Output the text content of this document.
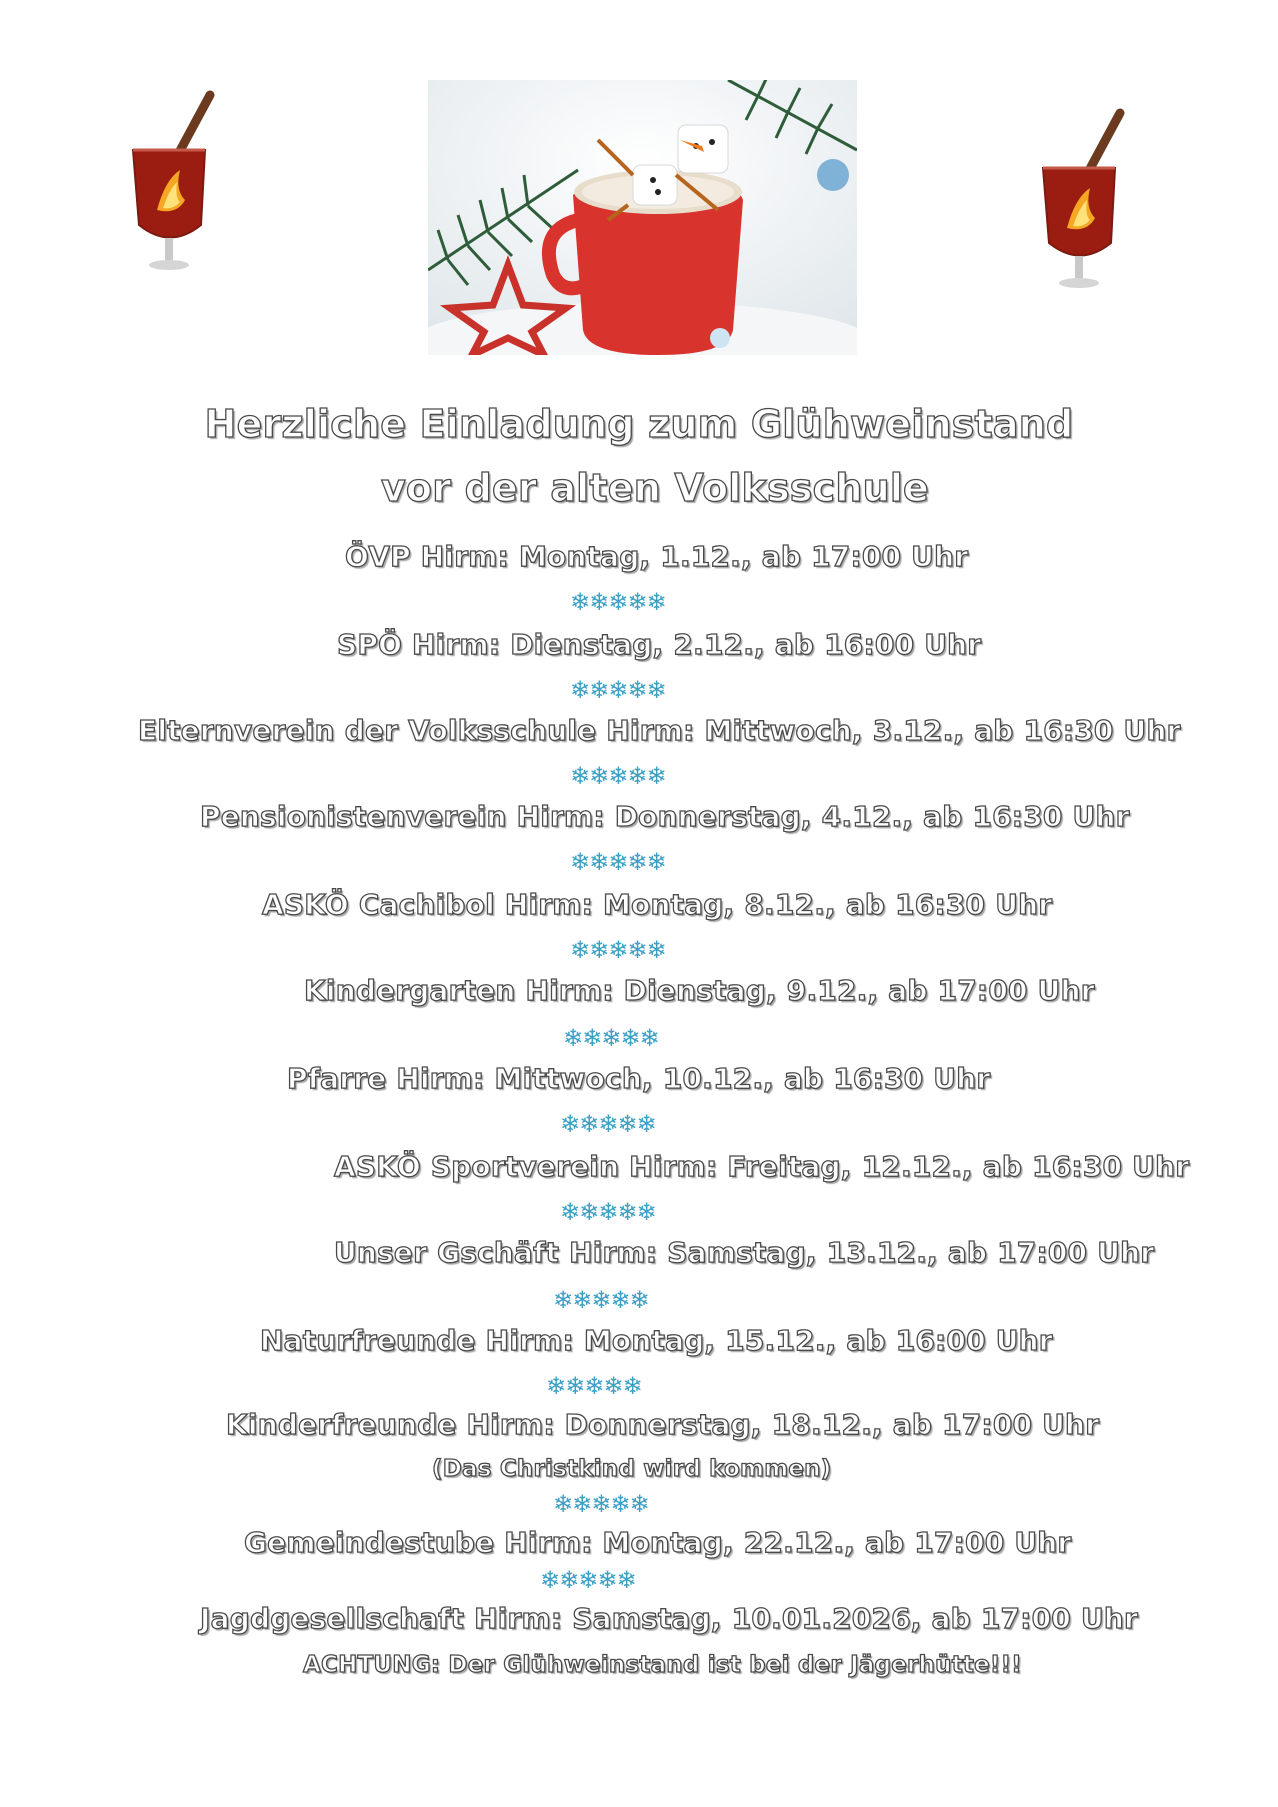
Herzliche Einladung zum Glühweinstand
vor der alten Volksschule
ÖVP Hirm: Montag, 1.12., ab 17:00 Uhr
❄❄❄❄❄
SPÖ Hirm: Dienstag, 2.12., ab 16:00 Uhr
❄❄❄❄❄
Elternverein der Volksschule Hirm: Mittwoch, 3.12., ab 16:30 Uhr
❄❄❄❄❄
Pensionistenverein Hirm: Donnerstag, 4.12., ab 16:30 Uhr
❄❄❄❄❄
ASKÖ Cachibol Hirm: Montag, 8.12., ab 16:30 Uhr
❄❄❄❄❄
Kindergarten Hirm: Dienstag, 9.12., ab 17:00 Uhr
❄❄❄❄❄
Pfarre Hirm: Mittwoch, 10.12., ab 16:30 Uhr
❄❄❄❄❄
ASKÖ Sportverein Hirm: Freitag, 12.12., ab 16:30 Uhr
❄❄❄❄❄
Unser Gschäft Hirm: Samstag, 13.12., ab 17:00 Uhr
❄❄❄❄❄
Naturfreunde Hirm: Montag, 15.12., ab 16:00 Uhr
❄❄❄❄❄
Kinderfreunde Hirm: Donnerstag, 18.12., ab 17:00 Uhr
(Das Christkind wird kommen)
❄❄❄❄❄
Gemeindestube Hirm: Montag, 22.12., ab 17:00 Uhr
❄❄❄❄❄
Jagdgesellschaft Hirm: Samstag, 10.01.2026, ab 17:00 Uhr
ACHTUNG: Der Glühweinstand ist bei der Jägerhütte!!!
